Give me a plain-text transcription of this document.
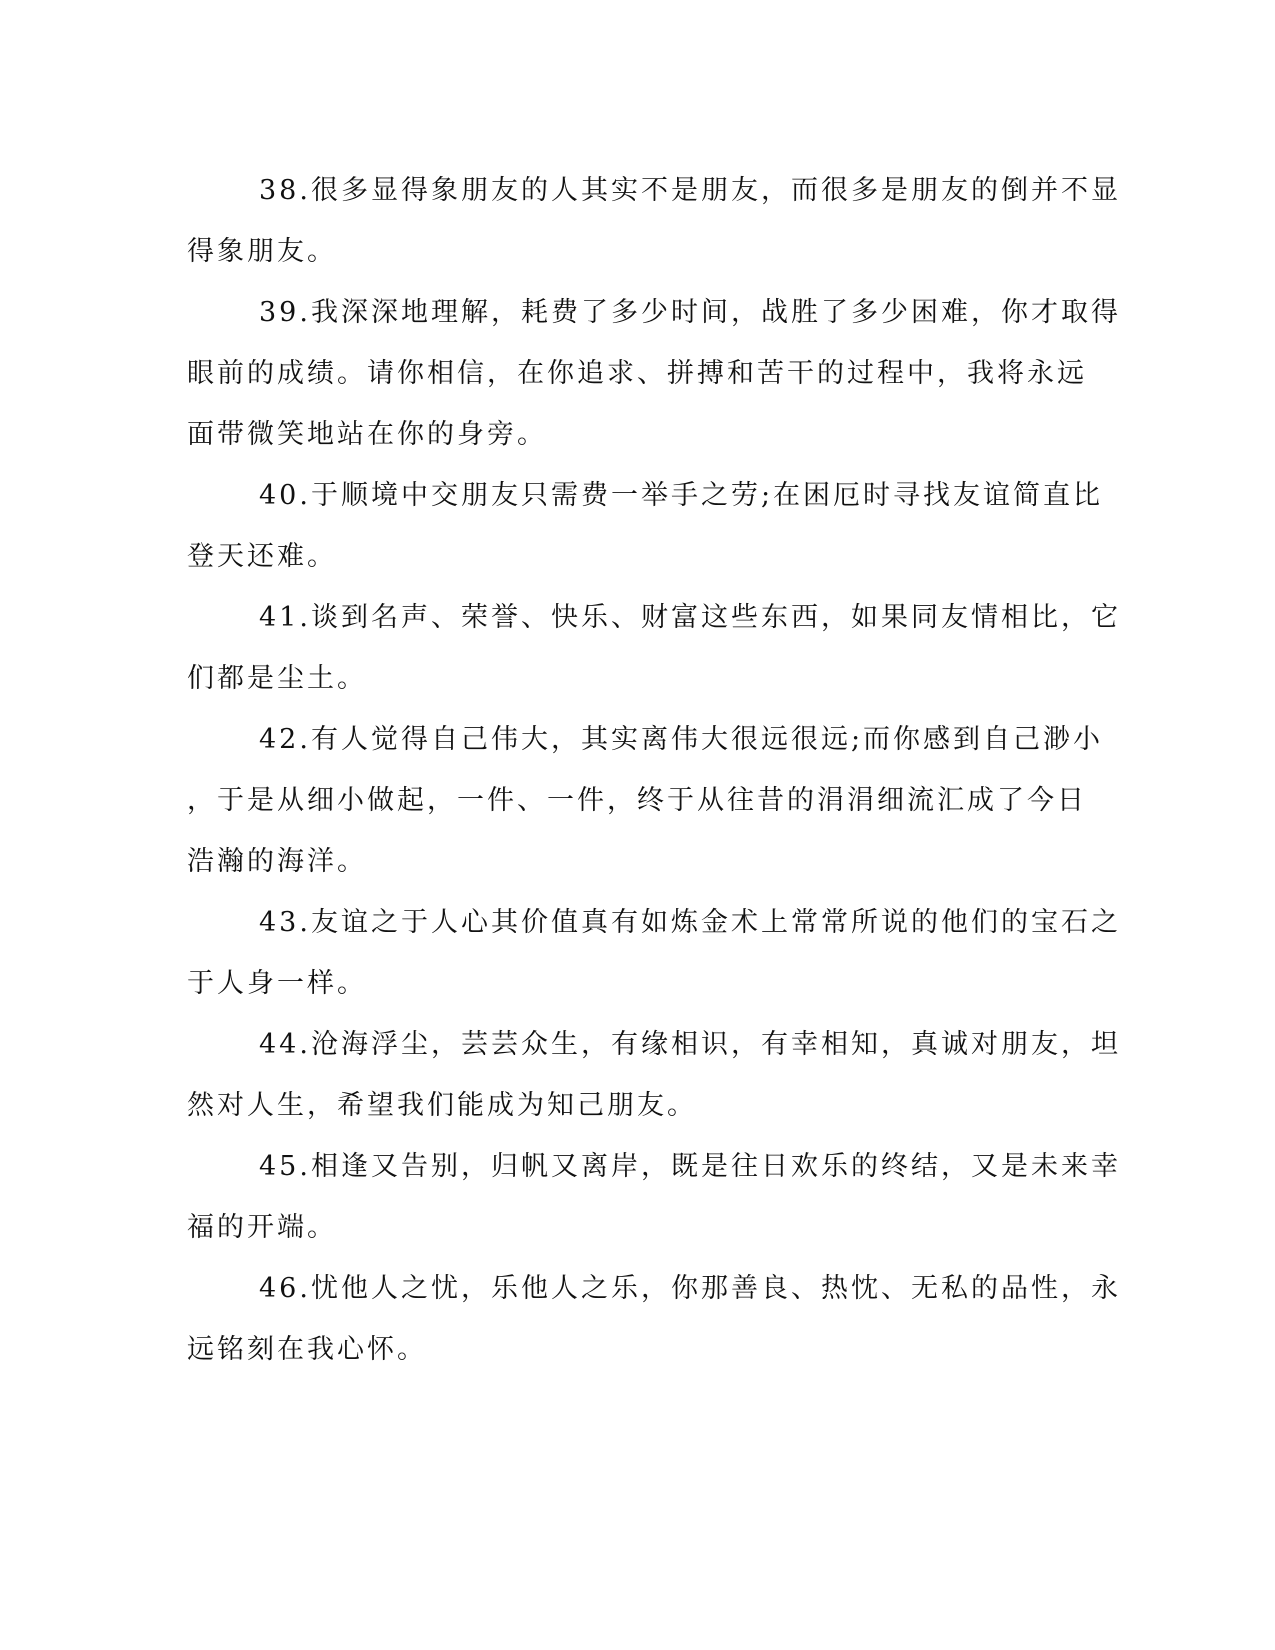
38.很多显得象朋友的人其实不是朋友，而很多是朋友的倒并不显
得象朋友。
39.我深深地理解，耗费了多少时间，战胜了多少困难，你才取得
眼前的成绩。请你相信，在你追求、拼搏和苦干的过程中，我将永远
面带微笑地站在你的身旁。
40.于顺境中交朋友只需费一举手之劳;在困厄时寻找友谊简直比
登天还难。
41.谈到名声、荣誉、快乐、财富这些东西，如果同友情相比，它
们都是尘土。
42.有人觉得自己伟大，其实离伟大很远很远;而你感到自己渺小
，于是从细小做起，一件、一件，终于从往昔的涓涓细流汇成了今日
浩瀚的海洋。
43.友谊之于人心其价值真有如炼金术上常常所说的他们的宝石之
于人身一样。
44.沧海浮尘，芸芸众生，有缘相识，有幸相知，真诚对朋友，坦
然对人生，希望我们能成为知己朋友。
45.相逢又告别，归帆又离岸，既是往日欢乐的终结，又是未来幸
福的开端。
46.忧他人之忧，乐他人之乐，你那善良、热忱、无私的品性，永
远铭刻在我心怀。
